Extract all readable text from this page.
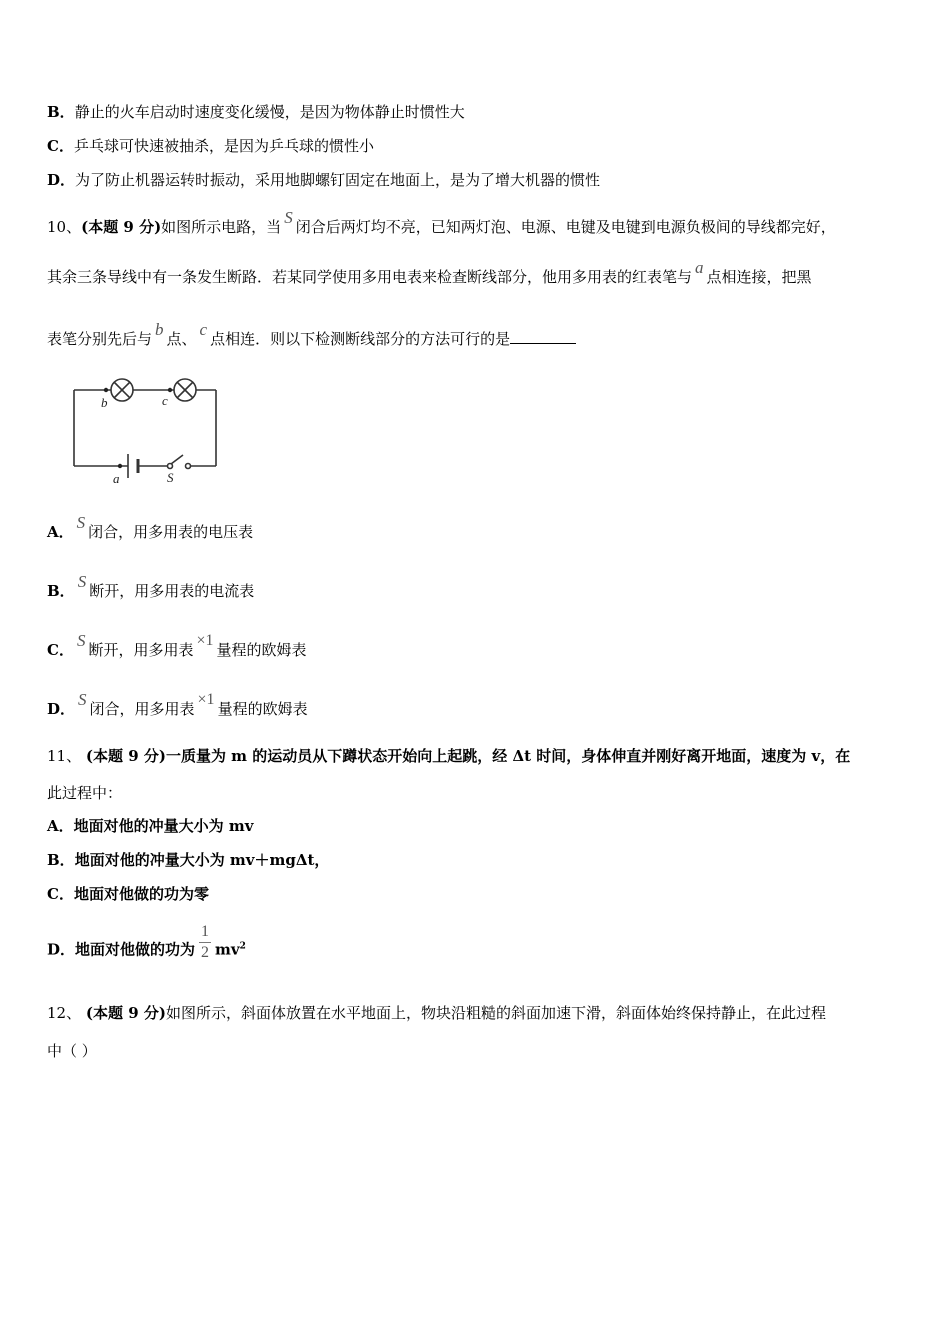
B．静止的火车启动时速度变化缓慢，是因为物体静止时惯性大
C．乒乓球可快速被抽杀，是因为乒乓球的惯性小
D．为了防止机器运转时振动，采用地脚螺钉固定在地面上，是为了增大机器的惯性
10、(本题 9 分)如图所示电路，当 S 闭合后两灯均不亮，已知两灯泡、电源、电键及电键到电源负极间的导线都完好，
其余三条导线中有一条发生断路．若某同学使用多用电表来检查断线部分，他用多用表的红表笔与 a 点相连接，把黑
表笔分别先后与 b 点、 c 点相连．则以下检测断线部分的方法可行的是
b	c
a	S
A． S 闭合，用多用表的电压表
B． S 断开，用多用表的电流表
C． S 断开，用多用表×1量程的欧姆表
D． S 闭合，用多用表×1量程的欧姆表
11、 (本题 9 分)一质量为 m 的运动员从下蹲状态开始向上起跳，经 Δt 时间，身体伸直并刚好离开地面，速度为 v，在
此过程中：
A．地面对他的冲量大小为 mv
B．地面对他的冲量大小为 mv＋mgΔt，
C．地面对他做的功为零
D．地面对他做的功为 $\frac{1}{2} mv^2$
12、 (本题 9 分)如图所示，斜面体放置在水平地面上，物块沿粗糙的斜面加速下滑，斜面体始终保持静止，在此过程
中（ ）
